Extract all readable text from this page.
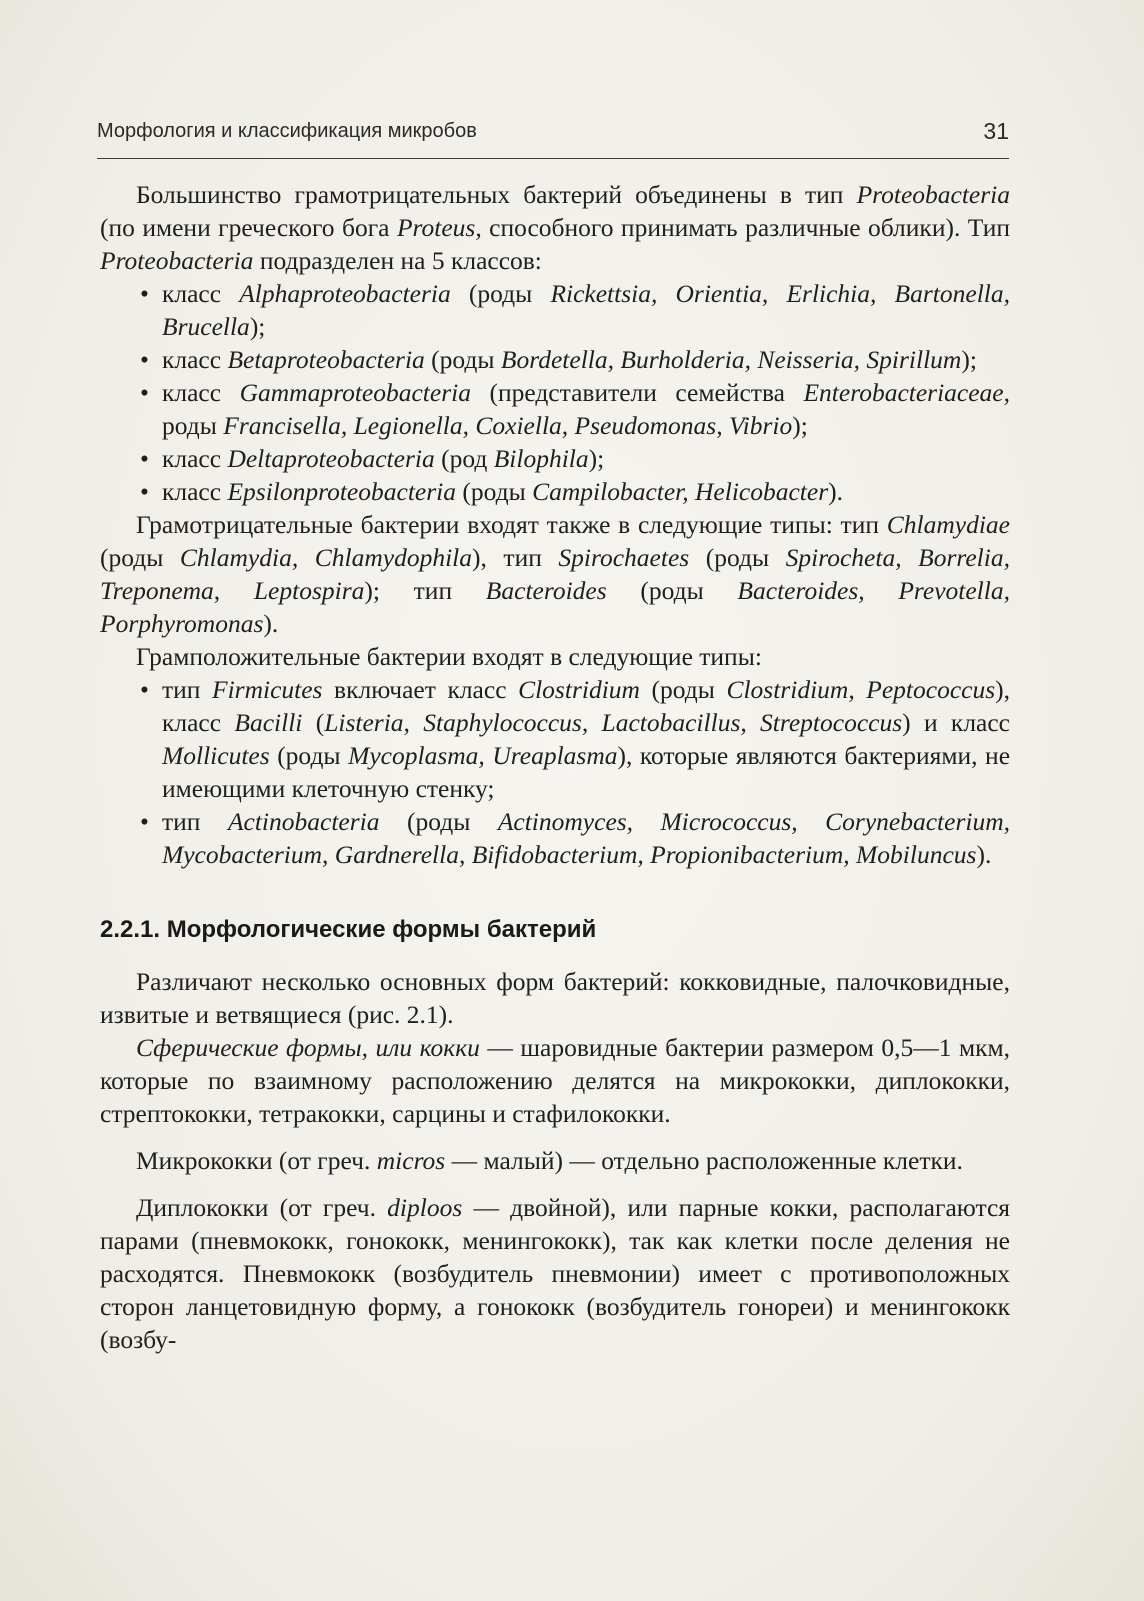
Морфология и классификация микробов	31

Большинство грамотрицательных бактерий объединены в тип Proteobacteria (по имени греческого бога Proteus, способного принимать различные облики). Тип Proteobacteria подразделен на 5 классов:

• класс Alphaproteobacteria (роды Rickettsia, Orientia, Erlichia, Bartonella, Brucella);
• класс Betaproteobacteria (роды Bordetella, Burholderia, Neisseria, Spirillum);
• класс Gammaproteobacteria (представители семейства Enterobacteriaceae, роды Francisella, Legionella, Coxiella, Pseudomonas, Vibrio);
• класс Deltaproteobacteria (род Bilophila);
• класс Epsilonproteobacteria (роды Campilobacter, Helicobacter).

Грамотрицательные бактерии входят также в следующие типы: тип Chlamydiae (роды Chlamydia, Chlamydophila), тип Spirochaetes (роды Spirocheta, Borrelia, Treponema, Leptospira); тип Bacteroides (роды Bacteroides, Prevotella, Porphyromonas).

Грамположительные бактерии входят в следующие типы:

• тип Firmicutes включает класс Clostridium (роды Clostridium, Peptococcus), класс Bacilli (Listeria, Staphylococcus, Lactobacillus, Streptococcus) и класс Mollicutes (роды Mycoplasma, Ureaplasma), которые являются бактериями, не имеющими клеточную стенку;
• тип Actinobacteria (роды Actinomyces, Micrococcus, Corynebacterium, Mycobacterium, Gardnerella, Bifidobacterium, Propionibacterium, Mobiluncus).
2.2.1. Морфологические формы бактерий

Различают несколько основных форм бактерий: кокковидные, палочковидные, извитые и ветвящиеся (рис. 2.1).

Сферические формы, или кокки — шаровидные бактерии размером 0,5—1 мкм, которые по взаимному расположению делятся на микрококки, диплококки, стрептококки, тетракокки, сарцины и стафилококки.

Микрококки (от греч. micros — малый) — отдельно расположенные клетки.

Диплококки (от греч. diploos — двойной), или парные кокки, располагаются парами (пневмококк, гонококк, менингококк), так как клетки после деления не расходятся. Пневмококк (возбудитель пневмонии) имеет с противоположных сторон ланцетовидную форму, а гонококк (возбудитель гонореи) и менингококк (возбу-
